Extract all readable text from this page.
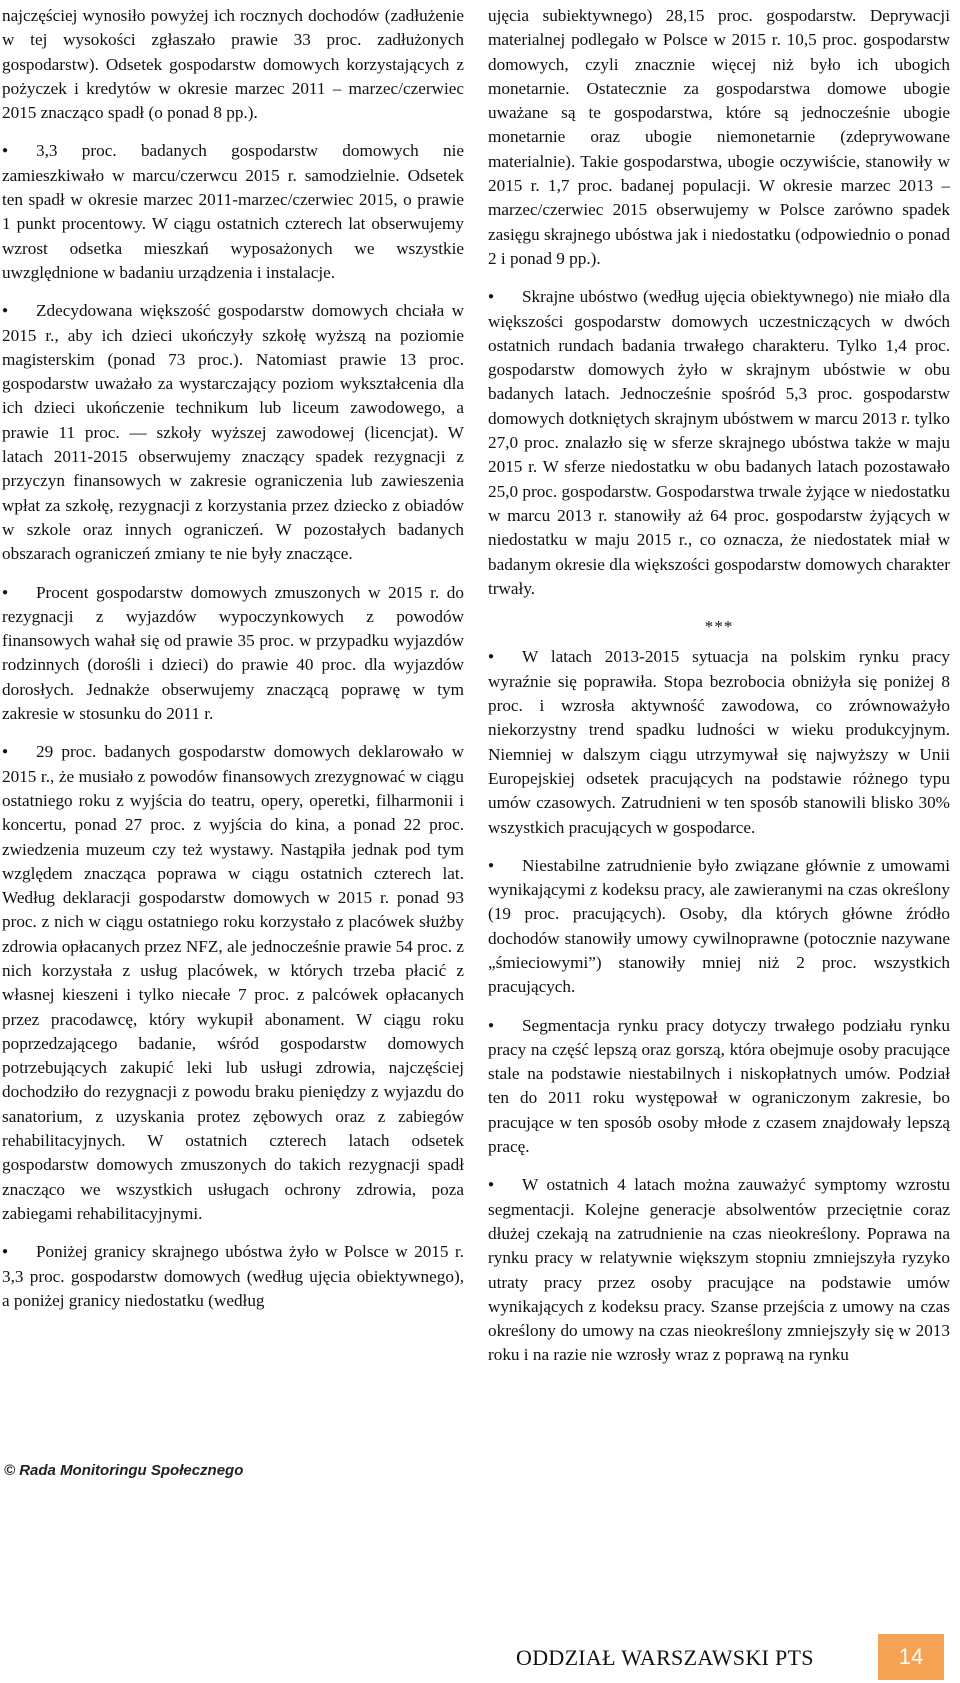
najczęściej wynosiło powyżej ich rocznych dochodów (zadłużenie w tej wysokości zgłaszało prawie 33 proc. zadłużonych gospodarstw). Odsetek gospodarstw domowych korzystających z pożyczek i kredytów w okresie marzec 2011 – marzec/czerwiec 2015 znacząco spadł (o ponad 8 pp.).

● 3,3 proc. badanych gospodarstw domowych nie zamieszkiwało w marcu/czerwcu 2015 r. samodzielnie. Odsetek ten spadł w okresie marzec 2011-marzec/czerwiec 2015, o prawie 1 punkt procentowy. W ciągu ostatnich czterech lat obserwujemy wzrost odsetka mieszkań wyposażonych we wszystkie uwzględnione w badaniu urządzenia i instalacje.

● Zdecydowana większość gospodarstw domowych chciała w 2015 r., aby ich dzieci ukończyły szkołę wyższą na poziomie magisterskim (ponad 73 proc.). Natomiast prawie 13 proc. gospodarstw uważało za wystarczający poziom wykształcenia dla ich dzieci ukończenie technikum lub liceum zawodowego, a prawie 11 proc. — szkoły wyższej zawodowej (licencjat). W latach 2011-2015 obserwujemy znaczący spadek rezygnacji z przyczyn finansowych w zakresie ograniczenia lub zawieszenia wpłat za szkołę, rezygnacji z korzystania przez dziecko z obiadów w szkole oraz innych ograniczeń. W pozostałych badanych obszarach ograniczeń zmiany te nie były znaczące.

● Procent gospodarstw domowych zmuszonych w 2015 r. do rezygnacji z wyjazdów wypoczynkowych z powodów finansowych wahał się od prawie 35 proc. w przypadku wyjazdów rodzinnych (dorośli i dzieci) do prawie 40 proc. dla wyjazdów dorosłych. Jednakże obserwujemy znaczącą poprawę w tym zakresie w stosunku do 2011 r.

● 29 proc. badanych gospodarstw domowych deklarowało w 2015 r., że musiało z powodów finansowych zrezygnować w ciągu ostatniego roku z wyjścia do teatru, opery, operetki, filharmonii i koncertu, ponad 27 proc. z wyjścia do kina, a ponad 22 proc. zwiedzenia muzeum czy też wystawy. Nastąpiła jednak pod tym względem znacząca poprawa w ciągu ostatnich czterech lat. Według deklaracji gospodarstw domowych w 2015 r. ponad 93 proc. z nich w ciągu ostatniego roku korzystało z placówek służby zdrowia opłacanych przez NFZ, ale jednocześnie prawie 54 proc. z nich korzystała z usług placówek, w których trzeba płacić z własnej kieszeni i tylko niecałe 7 proc. z palcówek opłacanych przez pracodawcę, który wykupił abonament. W ciągu roku poprzedzającego badanie, wśród gospodarstw domowych potrzebujących zakupić leki lub usługi zdrowia, najczęściej dochodziło do rezygnacji z powodu braku pieniędzy z wyjazdu do sanatorium, z uzyskania protez zębowych oraz z zabiegów rehabilitacyjnych. W ostatnich czterech latach odsetek gospodarstw domowych zmuszonych do takich rezygnacji spadł znacząco we wszystkich usługach ochrony zdrowia, poza zabiegami rehabilitacyjnymi.

● Poniżej granicy skrajnego ubóstwa żyło w Polsce w 2015 r. 3,3 proc. gospodarstw domowych (według ujęcia obiektywnego), a poniżej granicy niedostatku (według

ujęcia subiektywnego) 28,15 proc. gospodarstw. Deprywacji materialnej podlegało w Polsce w 2015 r. 10,5 proc. gospodarstw domowych, czyli znacznie więcej niż było ich ubogich monetarnie. Ostatecznie za gospodarstwa domowe ubogie uważane są te gospodarstwa, które są jednocześnie ubogie monetarnie oraz ubogie niemonetarnie (zdeprywowane materialnie). Takie gospodarstwa, ubogie oczywiście, stanowiły w 2015 r. 1,7 proc. badanej populacji. W okresie marzec 2013 – marzec/czerwiec 2015 obserwujemy w Polsce zarówno spadek zasięgu skrajnego ubóstwa jak i niedostatku (odpowiednio o ponad 2 i ponad 9 pp.).

● Skrajne ubóstwo (według ujęcia obiektywnego) nie miało dla większości gospodarstw domowych uczestniczących w dwóch ostatnich rundach badania trwałego charakteru. Tylko 1,4 proc. gospodarstw domowych żyło w skrajnym ubóstwie w obu badanych latach. Jednocześnie spośród 5,3 proc. gospodarstw domowych dotkniętych skrajnym ubóstwem w marcu 2013 r. tylko 27,0 proc. znalazło się w sferze skrajnego ubóstwa także w maju 2015 r. W sferze niedostatku w obu badanych latach pozostawało 25,0 proc. gospodarstw. Gospodarstwa trwale żyjące w niedostatku w marcu 2013 r. stanowiły aż 64 proc. gospodarstw żyjących w niedostatku w maju 2015 r., co oznacza, że niedostatek miał w badanym okresie dla większości gospodarstw domowych charakter trwały.

***

● W latach 2013-2015 sytuacja na polskim rynku pracy wyraźnie się poprawiła. Stopa bezrobocia obniżyła się poniżej 8 proc. i wzrosła aktywność zawodowa, co zrównoważyło niekorzystny trend spadku ludności w wieku produkcyjnym. Niemniej w dalszym ciągu utrzymywał się najwyższy w Unii Europejskiej odsetek pracujących na podstawie różnego typu umów czasowych. Zatrudnieni w ten sposób stanowili blisko 30% wszystkich pracujących w gospodarce.

● Niestabilne zatrudnienie było związane głównie z umowami wynikającymi z kodeksu pracy, ale zawieranymi na czas określony (19 proc. pracujących). Osoby, dla których główne źródło dochodów stanowiły umowy cywilnoprawne (potocznie nazywane „śmieciowymi”) stanowiły mniej niż 2 proc. wszystkich pracujących.

● Segmentacja rynku pracy dotyczy trwałego podziału rynku pracy na część lepszą oraz gorszą, która obejmuje osoby pracujące stale na podstawie niestabilnych i niskopłatnych umów. Podział ten do 2011 roku występował w ograniczonym zakresie, bo pracujące w ten sposób osoby młode z czasem znajdowały lepszą pracę.

● W ostatnich 4 latach można zauważyć symptomy wzrostu segmentacji. Kolejne generacje absolwentów przeciętnie coraz dłużej czekają na zatrudnienie na czas nieokreślony. Poprawa na rynku pracy w relatywnie większym stopniu zmniejszyła ryzyko utraty pracy przez osoby pracujące na podstawie umów wynikających z kodeksu pracy. Szanse przejścia z umowy na czas określony do umowy na czas nieokreślony zmniejszyły się w 2013 roku i na razie nie wzrosły wraz z poprawą na rynku

© Rada Monitoringu Społecznego
ODDZIAŁ WARSZAWSKI PTS	14
